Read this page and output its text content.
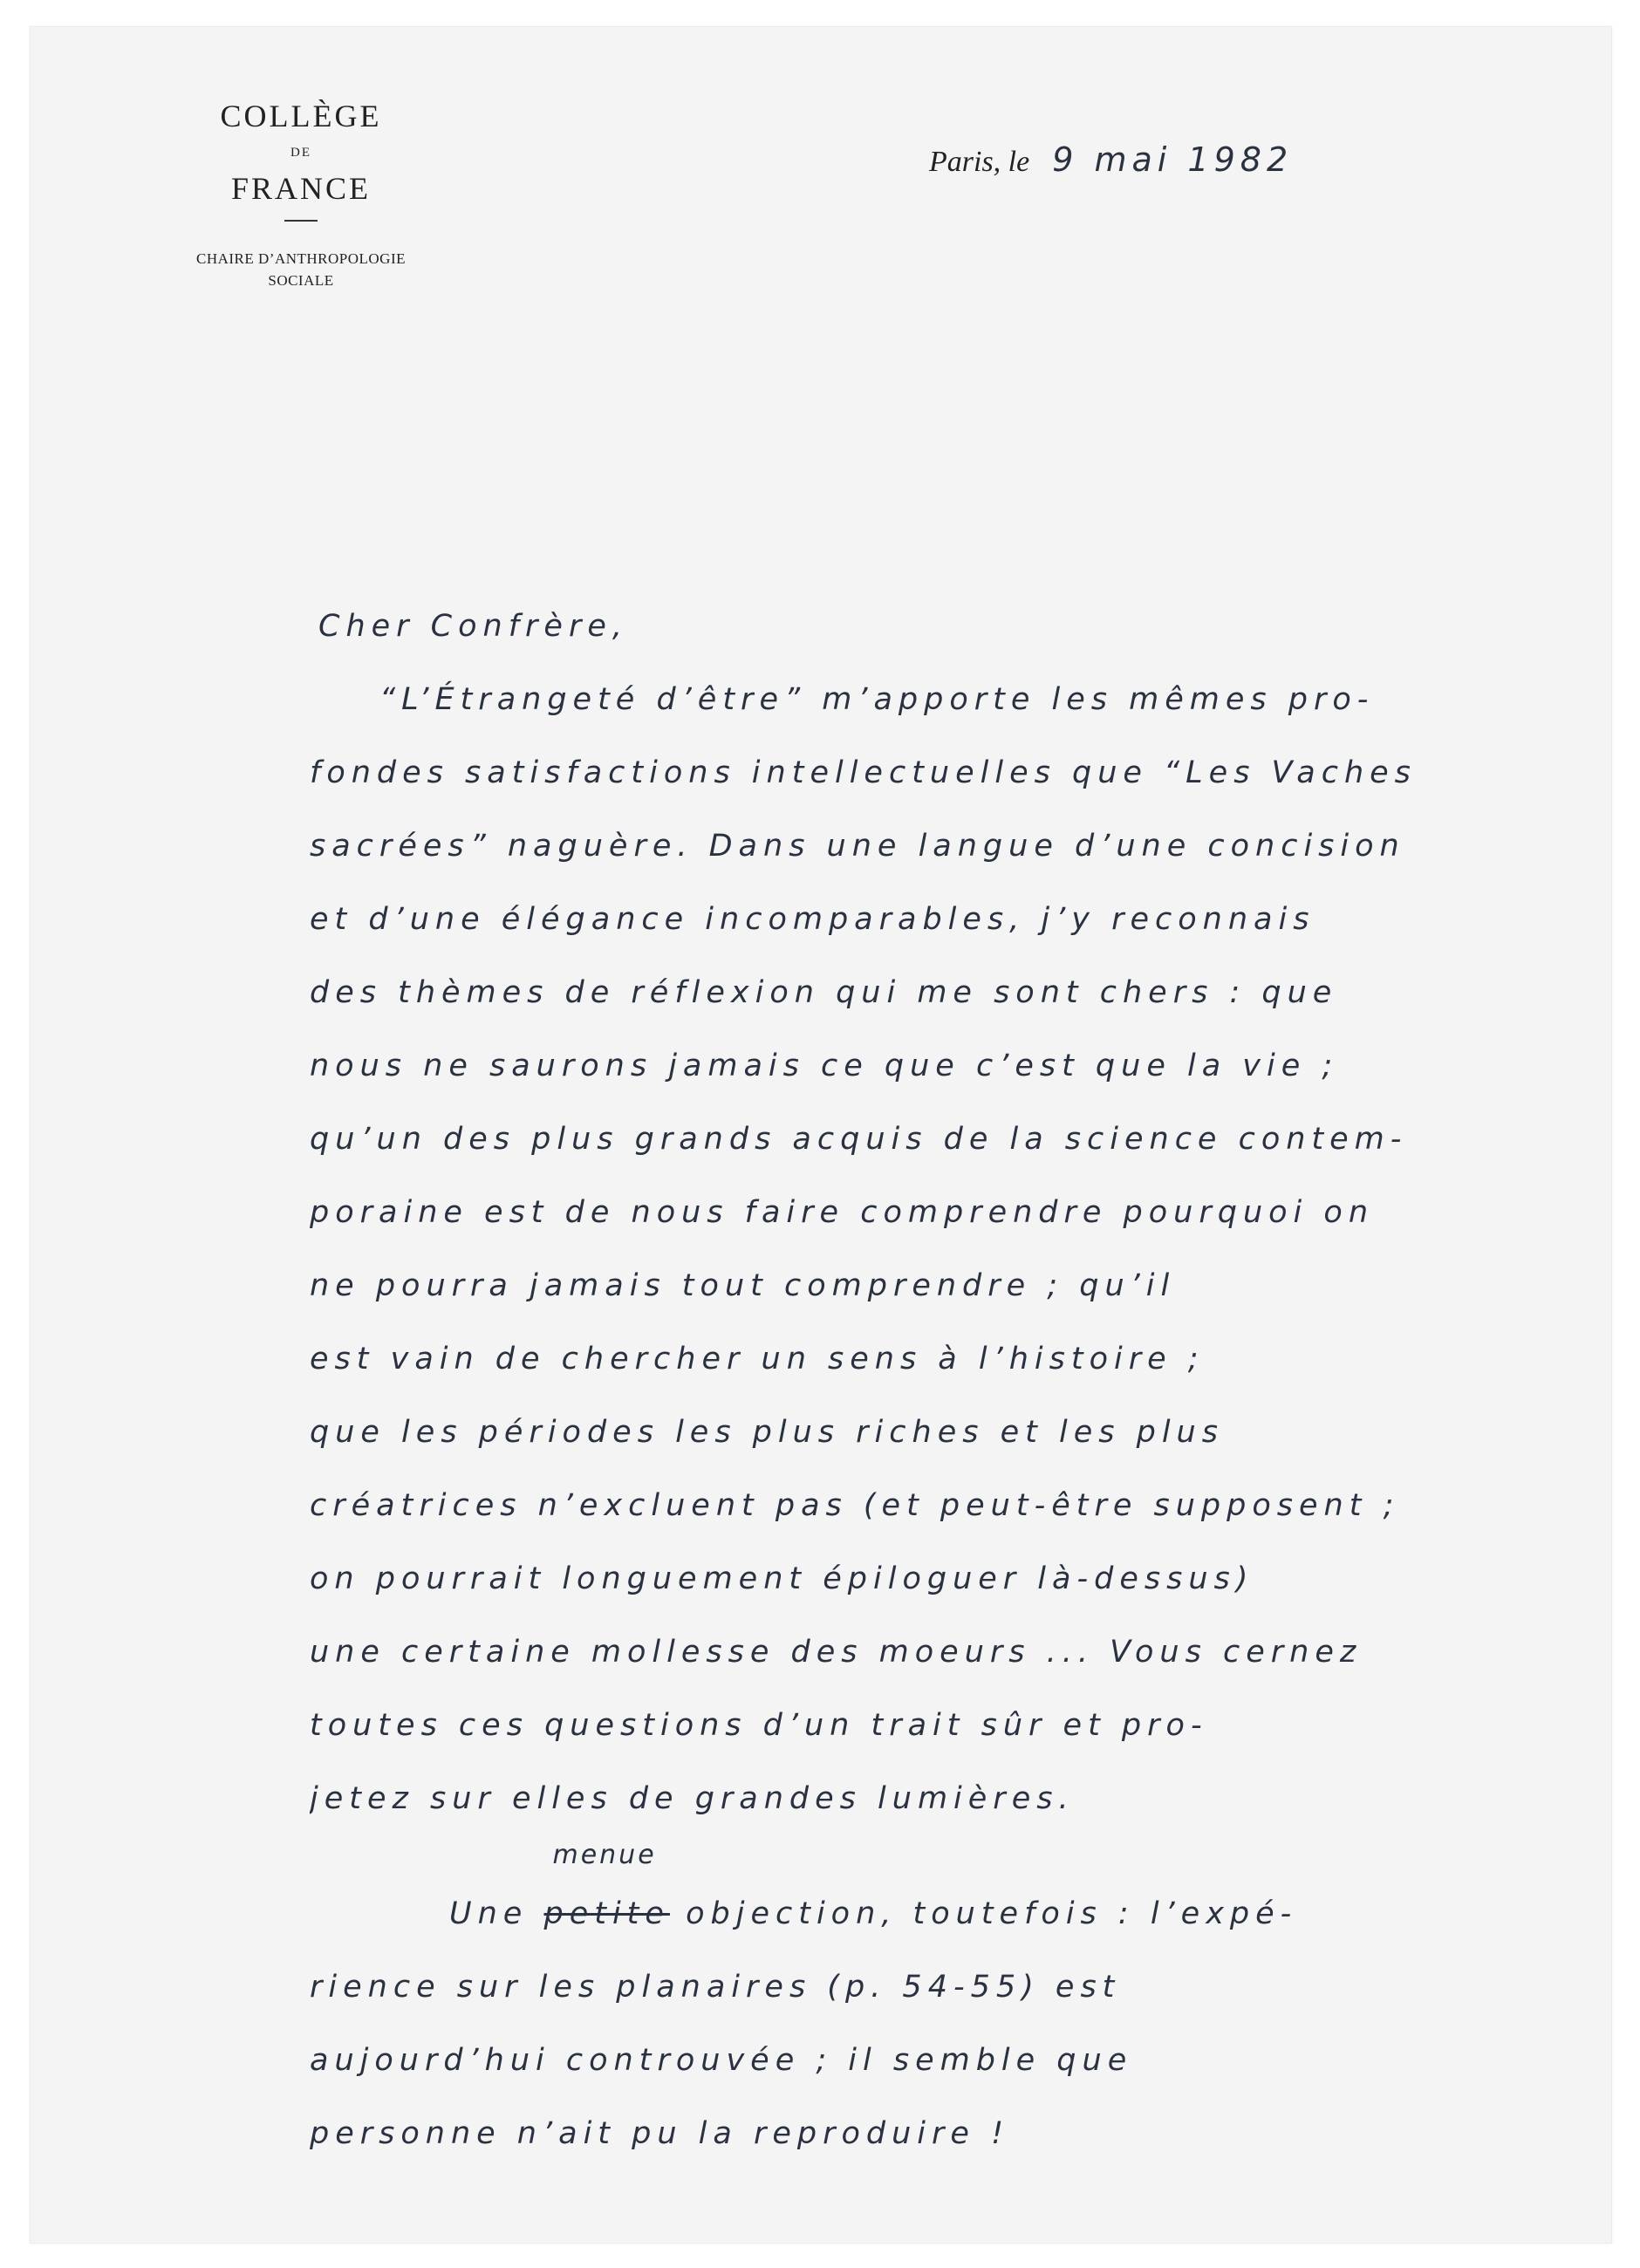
COLLÈGE
DE
FRANCE
CHAIRE D’ANTHROPOLOGIE
SOCIALE
Paris, le 9 mai 1982
Cher Confrère,
“L’Étrangeté d’être” m’apporte les mêmes pro-
fondes satisfactions intellectuelles que “Les Vaches
sacrées” naguère. Dans une langue d’une concision
et d’une élégance incomparables, j’y reconnais
des thèmes de réflexion qui me sont chers : que
nous ne saurons jamais ce que c’est que la vie ;
qu’un des plus grands acquis de la science contem-
poraine est de nous faire comprendre pourquoi on
ne pourra jamais tout comprendre ; qu’il
est vain de chercher un sens à l’histoire ;
que les périodes les plus riches et les plus
créatrices n’excluent pas (et peut-être supposent ;
on pourrait longuement épiloguer là-dessus)
une certaine mollesse des moeurs ... Vous cernez
toutes ces questions d’un trait sûr et pro-
jetez sur elles de grandes lumières.
Une
menue
petite objection, toutefois : l’expé-
rience sur les planaires (p. 54-55) est
aujourd’hui controuvée ; il semble que
personne n’ait pu la reproduire !
